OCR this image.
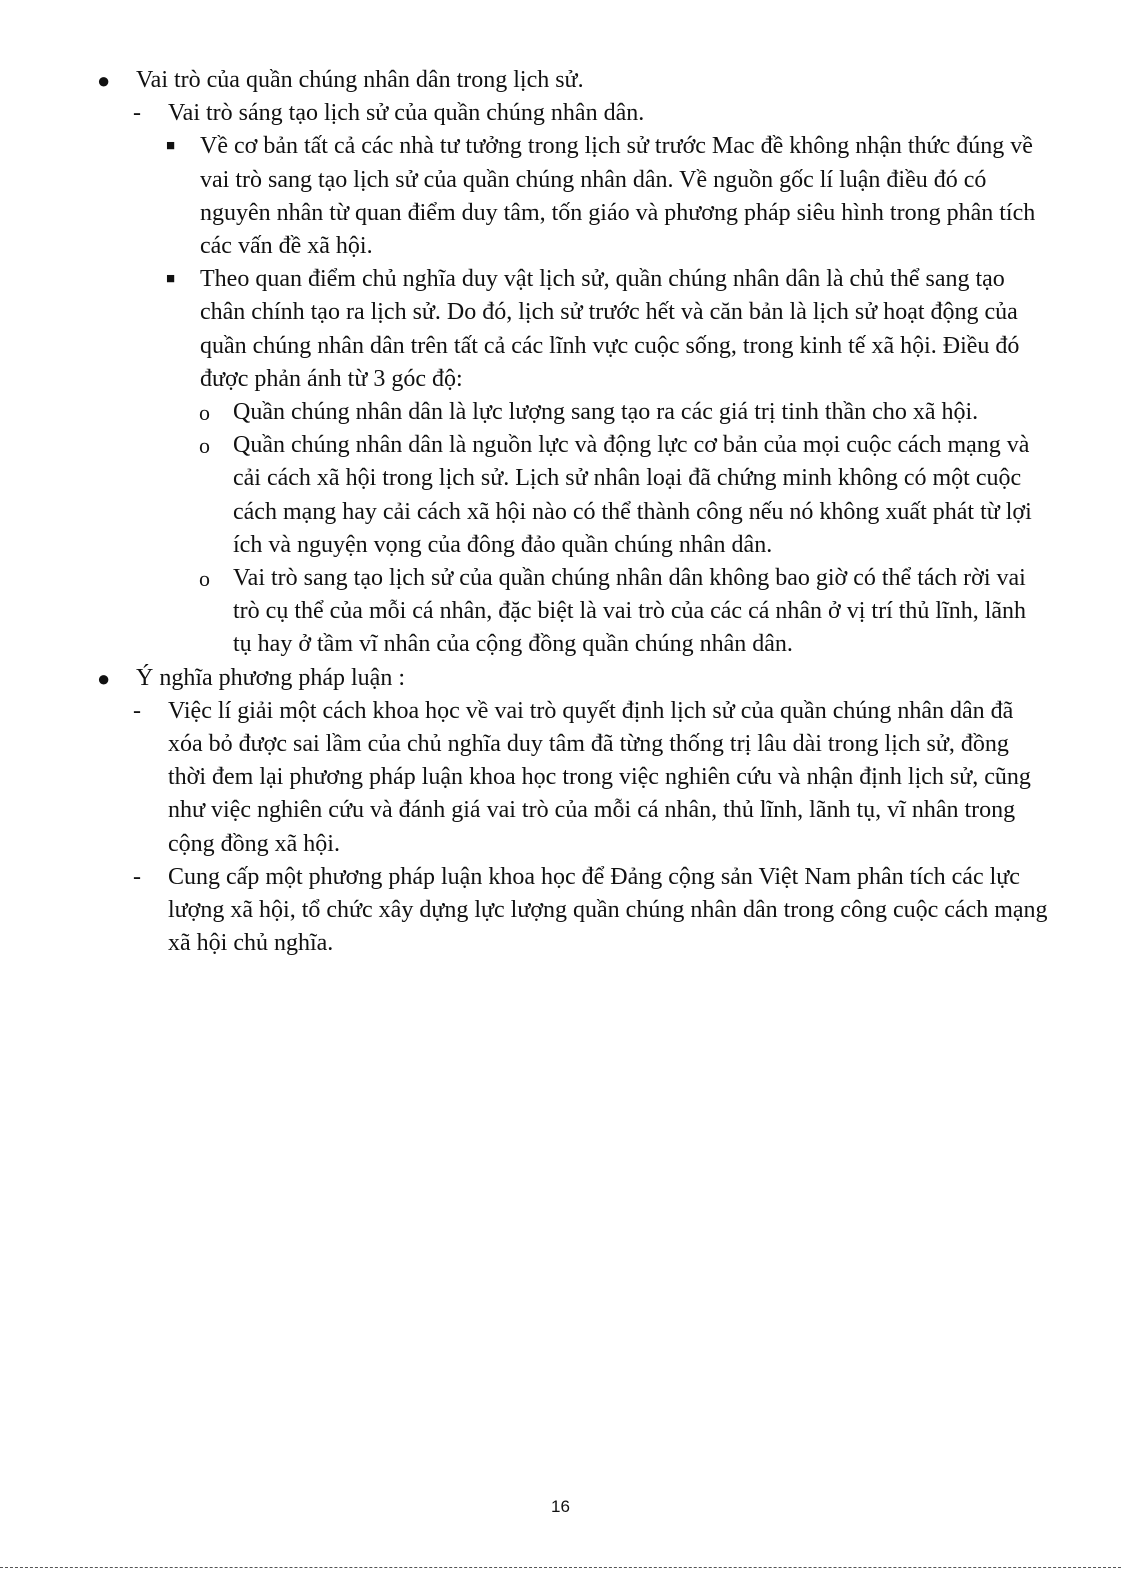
● Vai trò của quần chúng nhân dân trong lịch sử.

- Vai trò sáng tạo lịch sử của quần chúng nhân dân.

■ Về cơ bản tất cả các nhà tư tưởng trong lịch sử trước Mac đề không nhận thức đúng về vai trò sang tạo lịch sử của quần chúng nhân dân. Về nguồn gốc lí luận điều đó có nguyên nhân từ quan điểm duy tâm, tốn giáo và phương pháp siêu hình trong phân tích các vấn đề xã hội.

■ Theo quan điểm chủ nghĩa duy vật lịch sử, quần chúng nhân dân là chủ thể sang tạo chân chính tạo ra lịch sử. Do đó, lịch sử trước hết và căn bản là lịch sử hoạt động của quần chúng nhân dân trên tất cả các lĩnh vực cuộc sống, trong kinh tế xã hội. Điều đó được phản ánh từ 3 góc độ:

o Quần chúng nhân dân là lực lượng sang tạo ra các giá trị tinh thần cho xã hội.

o Quần chúng nhân dân là nguồn lực và động lực cơ bản của mọi cuộc cách mạng và cải cách xã hội trong lịch sử. Lịch sử nhân loại đã chứng minh không có một cuộc cách mạng hay cải cách xã hội nào có thể thành công nếu nó không xuất phát từ lợi ích và nguyện vọng của đông đảo quần chúng nhân dân.

o Vai trò sang tạo lịch sử của quần chúng nhân dân không bao giờ có thể tách rời vai trò cụ thể của mỗi cá nhân, đặc biệt là vai trò của các cá nhân ở vị trí thủ lĩnh, lãnh tụ hay ở tầm vĩ nhân của cộng đồng quần chúng nhân dân.

● Ý nghĩa phương pháp luận :

- Việc lí giải một cách khoa học về vai trò quyết định lịch sử của quần chúng nhân dân đã xóa bỏ được sai lầm của chủ nghĩa duy tâm đã từng thống trị lâu dài trong lịch sử, đồng thời đem lại phương pháp luận khoa học trong việc nghiên cứu và nhận định lịch sử, cũng như việc nghiên cứu và đánh giá vai trò của mỗi cá nhân, thủ lĩnh, lãnh tụ, vĩ nhân trong cộng đồng xã hội.

- Cung cấp một phương pháp luận khoa học để Đảng cộng sản Việt Nam phân tích các lực lượng xã hội, tổ chức xây dựng lực lượng quần chúng nhân dân trong công cuộc cách mạng xã hội chủ nghĩa.

16
